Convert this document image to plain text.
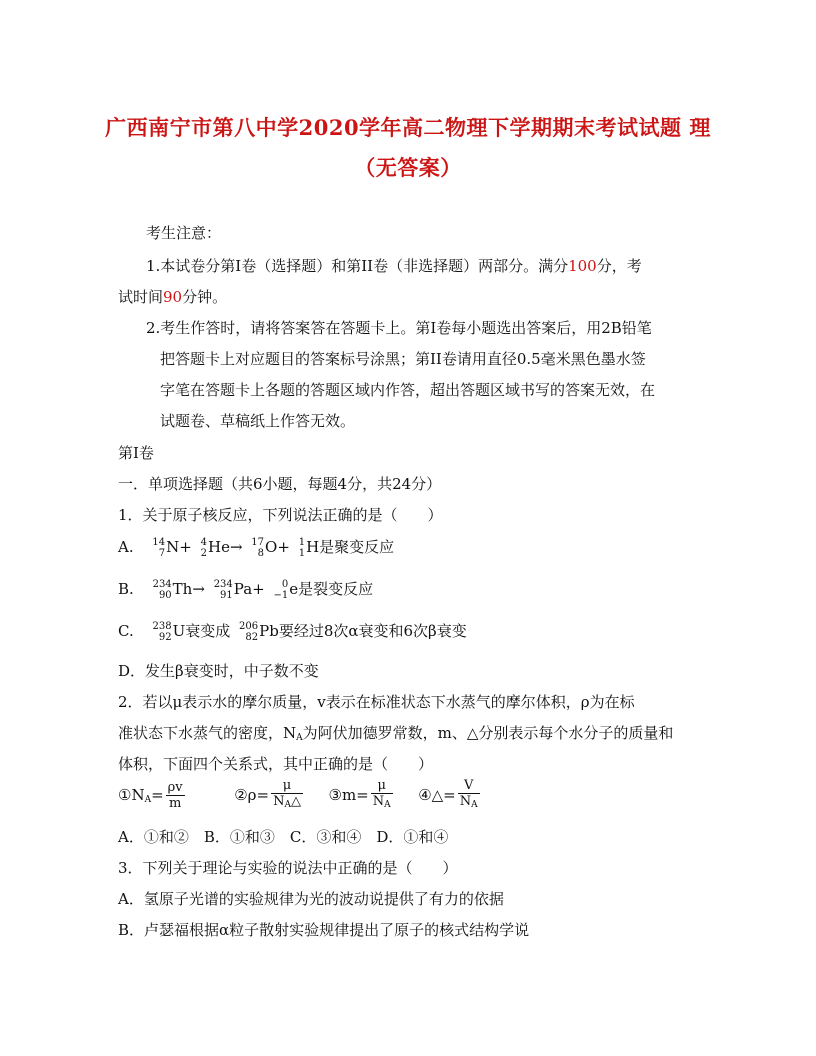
广西南宁市第八中学2020学年高二物理下学期期末考试试题 理
（无答案）
考生注意：
1.本试卷分第Ⅰ卷（选择题）和第II卷（非选择题）两部分。满分100分，考
试时间90分钟。
2.考生作答时，请将答案答在答题卡上。第Ⅰ卷每小题选出答案后，用2B铅笔
把答题卡上对应题目的答案标号涂黑；第II卷请用直径0.5毫米黑色墨水签
字笔在答题卡上各题的答题区域内作答，超出答题区域书写的答案无效，在
试题卷、草稿纸上作答无效。
第Ⅰ卷
一．单项选择题（共6小题，每题4分，共24分）
1．关于原子核反应，下列说法正确的是（　　）
A. 14
7 N+ 4
2 He→ 17
8 O+ 1
1 H是聚变反应
B. 234
90 Th→ 234
91 Pa+	0
−1 e是裂变反应
C. 238
92 U衰变成 206
82 Pb要经过8次α衰变和6次β衰变
D．发生β衰变时，中子数不变
2．若以μ表示水的摩尔质量，v表示在标准状态下水蒸气的摩尔体积，ρ为在标
准状态下水蒸气的密度，$N_A$为阿伏加德罗常数，m、△分别表示每个水分子的质量和
体积，下面四个关系式，其中正确的是（　　）
$①N_A= \frac{\rho v}{m}$	②ρ= $\frac{\mu}{N_A\triangle}$ ③m= $\frac{\mu}{N_A}$ ④△= $\frac{V}{N_A}$
A．①和②　B．①和③　C．③和④　D．①和④
3．下列关于理论与实验的说法中正确的是（　　）
A．氢原子光谱的实验规律为光的波动说提供了有力的依据
B．卢瑟福根据α粒子散射实验规律提出了原子的核式结构学说
